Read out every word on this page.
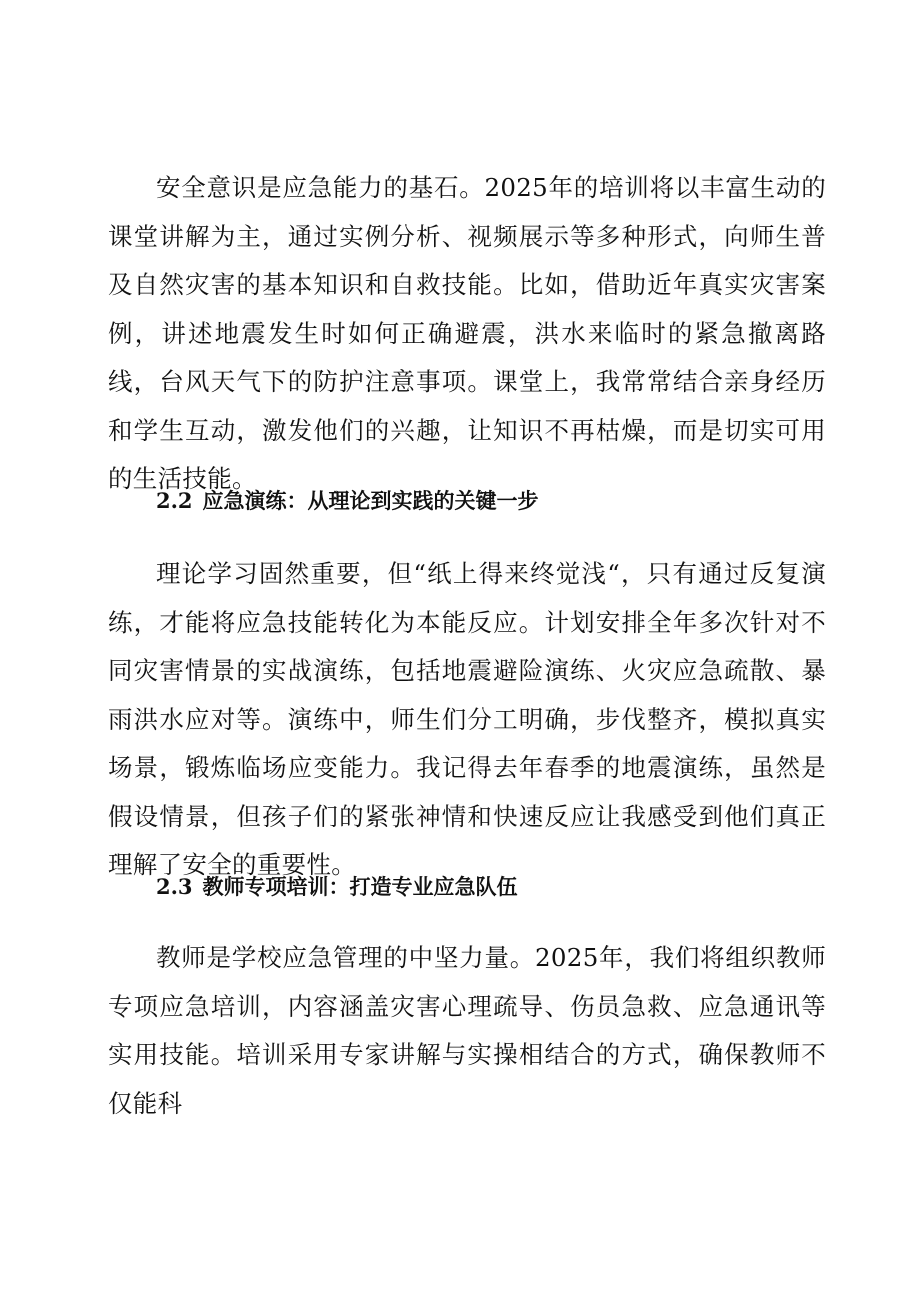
安全意识是应急能力的基石。2025年的培训将以丰富生动的课堂讲解为主，通过实例分析、视频展示等多种形式，向师生普及自然灾害的基本知识和自救技能。比如，借助近年真实灾害案例，讲述地震发生时如何正确避震，洪水来临时的紧急撤离路线，台风天气下的防护注意事项。课堂上，我常常结合亲身经历和学生互动，激发他们的兴趣，让知识不再枯燥，而是切实可用的生活技能。

2.2 应急演练：从理论到实践的关键一步

理论学习固然重要，但“纸上得来终觉浅“，只有通过反复演练，才能将应急技能转化为本能反应。计划安排全年多次针对不同灾害情景的实战演练，包括地震避险演练、火灾应急疏散、暴雨洪水应对等。演练中，师生们分工明确，步伐整齐，模拟真实场景，锻炼临场应变能力。我记得去年春季的地震演练，虽然是假设情景，但孩子们的紧张神情和快速反应让我感受到他们真正理解了安全的重要性。

2.3 教师专项培训：打造专业应急队伍

教师是学校应急管理的中坚力量。2025年，我们将组织教师专项应急培训，内容涵盖灾害心理疏导、伤员急救、应急通讯等实用技能。培训采用专家讲解与实操相结合的方式，确保教师不仅能科
